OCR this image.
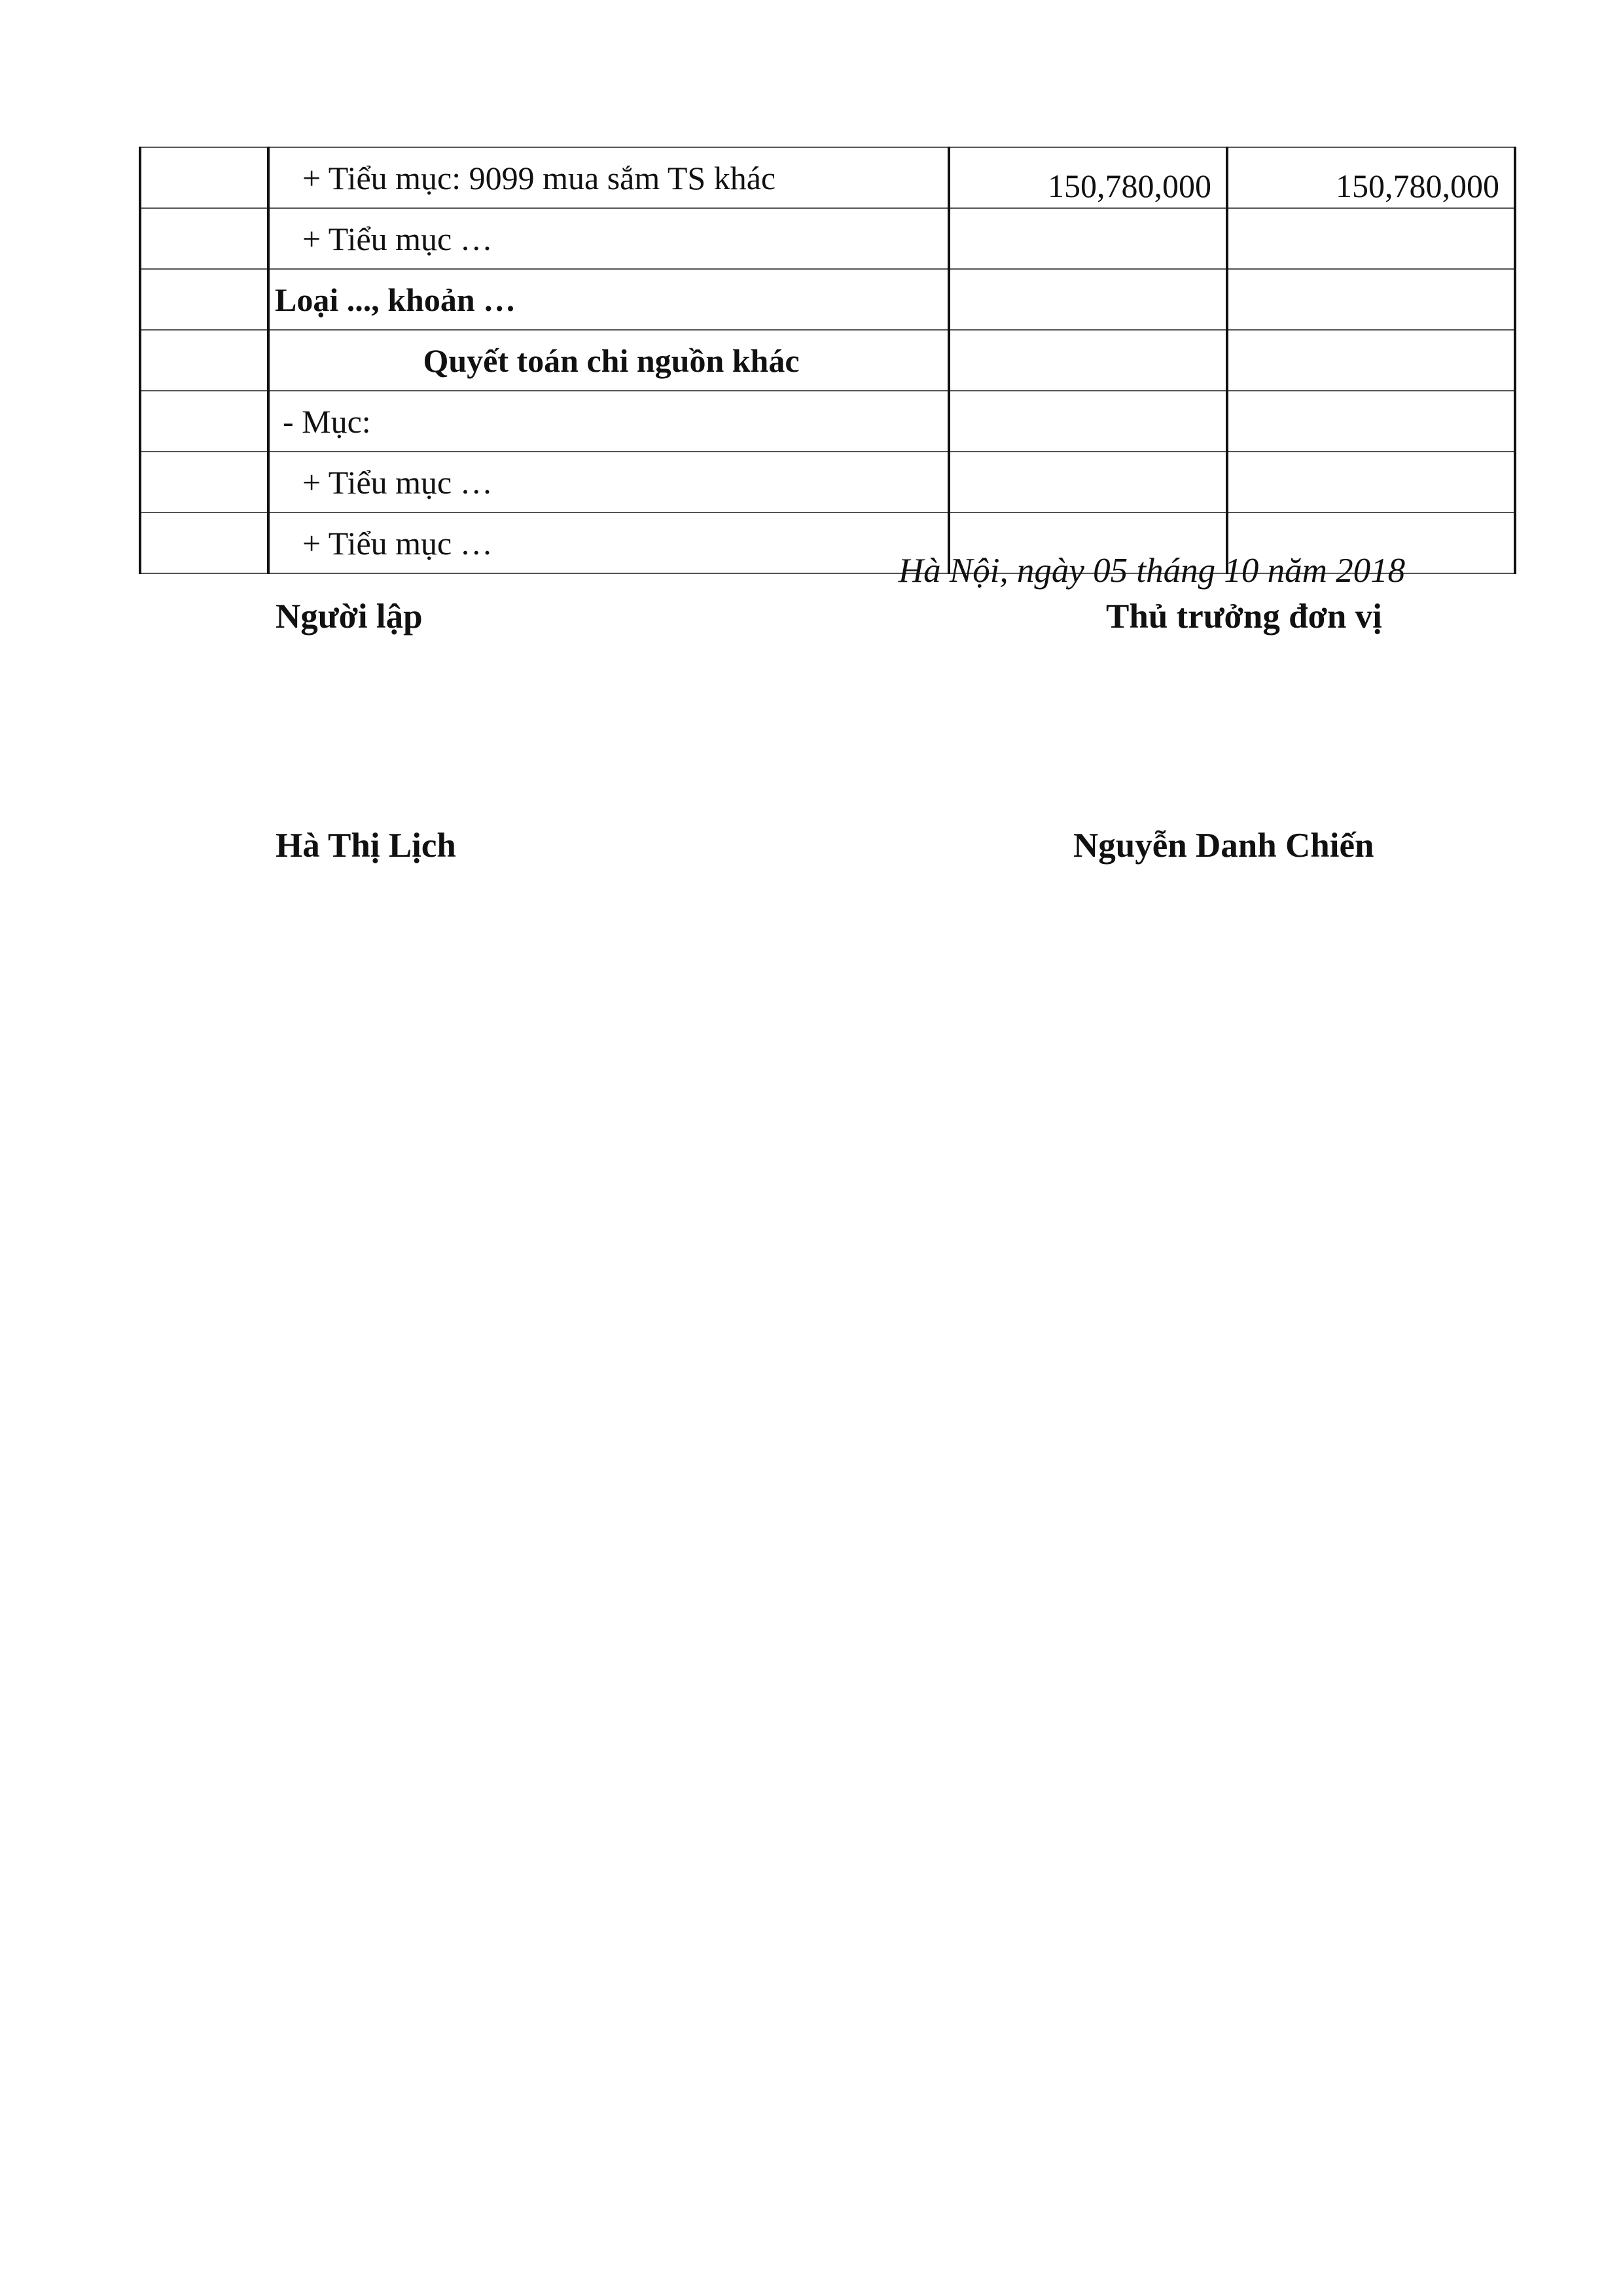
	+ Tiểu mục: 9099 mua sắm TS khác	150,780,000	150,780,000
	+ Tiểu mục …		
	Loại ..., khoản …		
	Quyết toán chi nguồn khác		
	- Mục:		
	+ Tiểu mục …		
	+ Tiểu mục …		
Hà Nội, ngày 05 tháng 10 năm 2018
Người lập	Thủ trưởng đơn vị
Hà Thị Lịch	Nguyễn Danh Chiến
